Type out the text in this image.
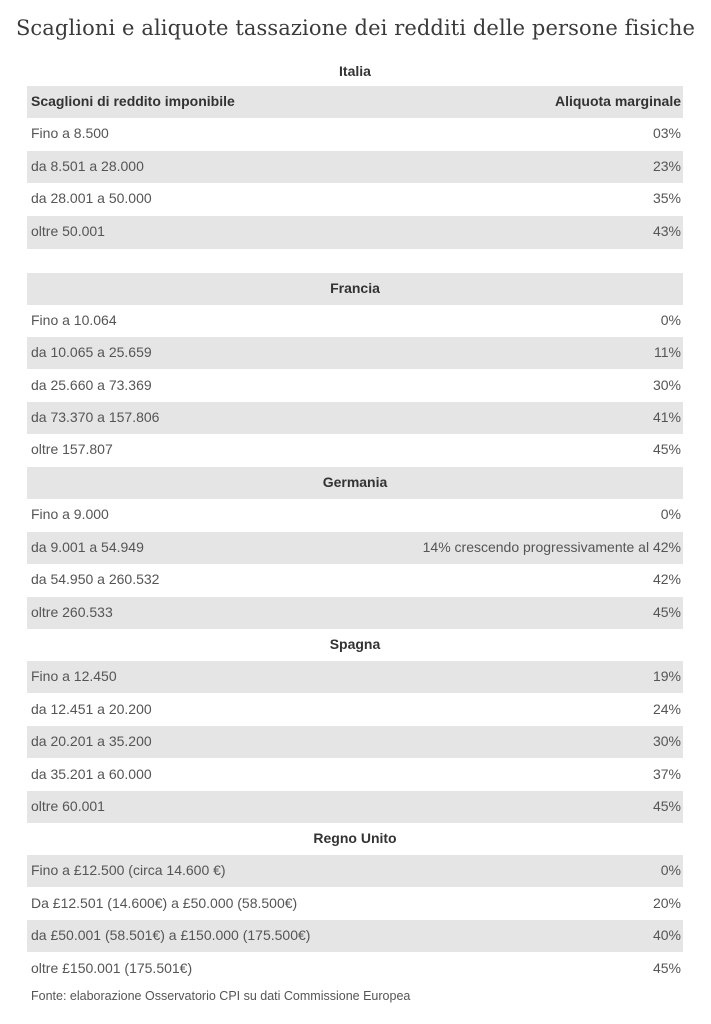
Scaglioni e aliquote tassazione dei redditi delle persone fisiche
Italia
Scaglioni di reddito imponibile	Aliquota marginale
Fino a 8.500	03%
da 8.501 a 28.000	23%
da 28.001 a 50.000	35%
oltre 50.001	43%
Francia
Fino a 10.064	0%
da 10.065 a 25.659	11%
da 25.660 a 73.369	30%
da 73.370 a 157.806	41%
oltre 157.807	45%
Germania
Fino a 9.000	0%
da 9.001 a 54.949	14% crescendo progressivamente al 42%
da 54.950 a 260.532	42%
oltre 260.533	45%
Spagna
Fino a 12.450	19%
da 12.451 a 20.200	24%
da 20.201 a 35.200	30%
da 35.201 a 60.000	37%
oltre 60.001	45%
Regno Unito
Fino a £12.500 (circa 14.600 €)	0%
Da £12.501 (14.600€) a £50.000 (58.500€)	20%
da £50.001 (58.501€) a £150.000 (175.500€)	40%
oltre £150.001 (175.501€)	45%
Fonte: elaborazione Osservatorio CPI su dati Commissione Europea
